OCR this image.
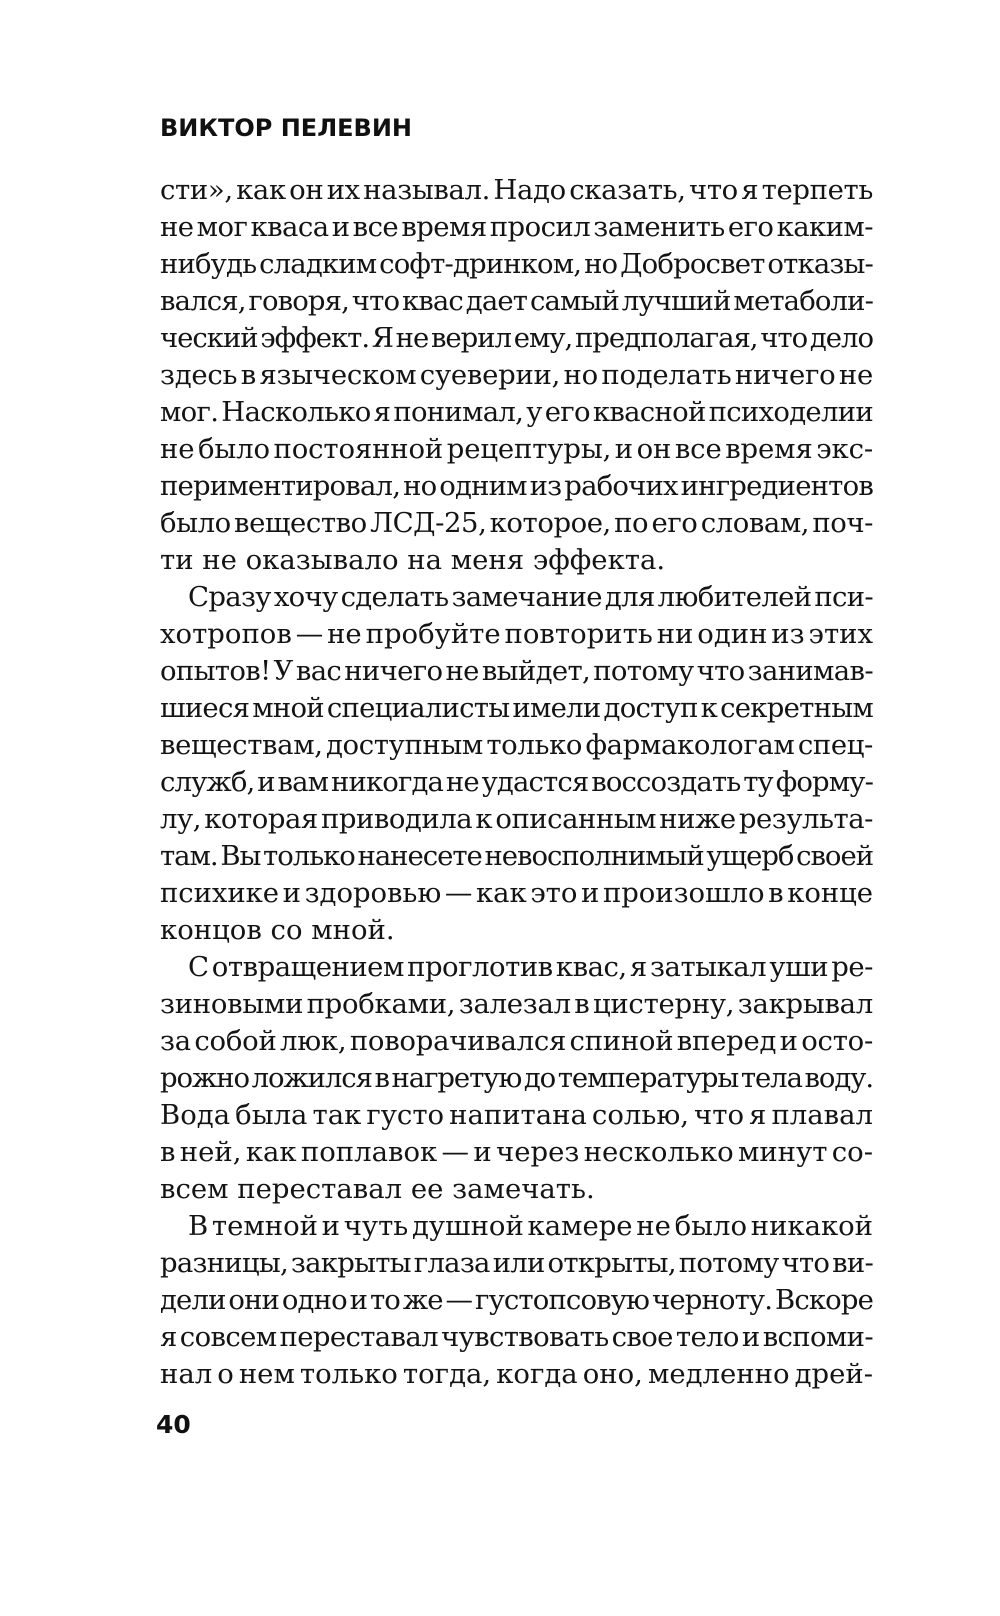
ВИКТОР ПЕЛЕВИН
сти», как он их называл. Надо сказать, что я терпеть
не мог кваса и все время просил заменить его каким-
нибудь сладким софт-дринком, но Добросвет отказы-
вался, говоря, что квас дает самый лучший метаболи-
ческий эффект. Я не верил ему, предполагая, что дело
здесь в языческом суеверии, но поделать ничего не
мог. Насколько я понимал, у его квасной психоделии
не было постоянной рецептуры, и он все время экс-
периментировал, но одним из рабочих ингредиентов
было вещество ЛСД-25, которое, по его словам, поч-
ти не оказывало на меня эффекта.
Сразу хочу сделать замечание для любителей пси-
хотропов — не пробуйте повторить ни один из этих
опытов! У вас ничего не выйдет, потому что занимав-
шиеся мной специалисты имели доступ к секретным
веществам, доступным только фармакологам спец-
служб, и вам никогда не удастся воссоздать ту форму-
лу, которая приводила к описанным ниже результа-
там. Вы только нанесете невосполнимый ущерб своей
психике и здоровью — как это и произошло в конце
концов со мной.
С отвращением проглотив квас, я затыкал уши ре-
зиновыми пробками, залезал в цистерну, закрывал
за собой люк, поворачивался спиной вперед и осто-
рожно ложился в нагретую до температуры тела воду.
Вода была так густо напитана солью, что я плавал
в ней, как поплавок — и через несколько минут со-
всем переставал ее замечать.
В темной и чуть душной камере не было никакой
разницы, закрыты глаза или открыты, потому что ви-
дели они одно и то же — густопсовую черноту. Вскоре
я совсем переставал чувствовать свое тело и вспоми-
нал о нем только тогда, когда оно, медленно дрей-
40
